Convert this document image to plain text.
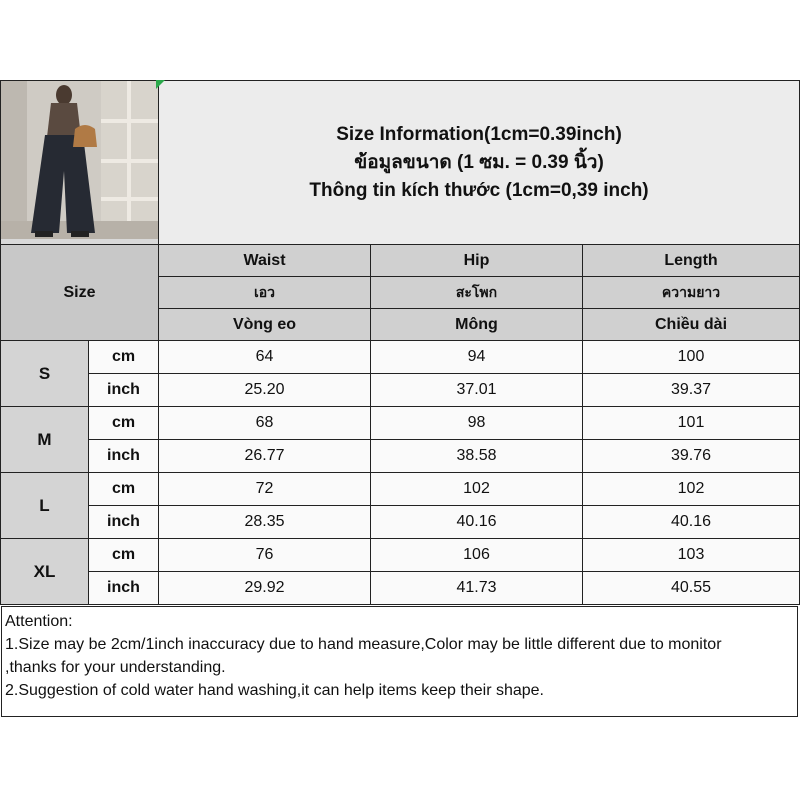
Size Information(1cm=0.39inch)
ข้อมูลขนาด (1 ซม. = 0.39 นิ้ว)
Thông tin kích thước (1cm=0,39 inch)		

Size		Waist	Hip	Length
		เอว	สะโพก	ความยาว
		Vòng eo	Mông	Chiều dài
S	cm	64	94	100
	inch	25.20	37.01	39.37
M	cm	68	98	101
	inch	26.77	38.58	39.76
L	cm	72	102	102
	inch	28.35	40.16	40.16
XL	cm	76	106	103
	inch	29.92	41.73	40.55
Attention:
1.Size may be 2cm/1inch inaccuracy due to hand measure,Color may be little different due to monitor
,thanks for your understanding.
2.Suggestion of cold water hand washing,it can help items keep their shape.
